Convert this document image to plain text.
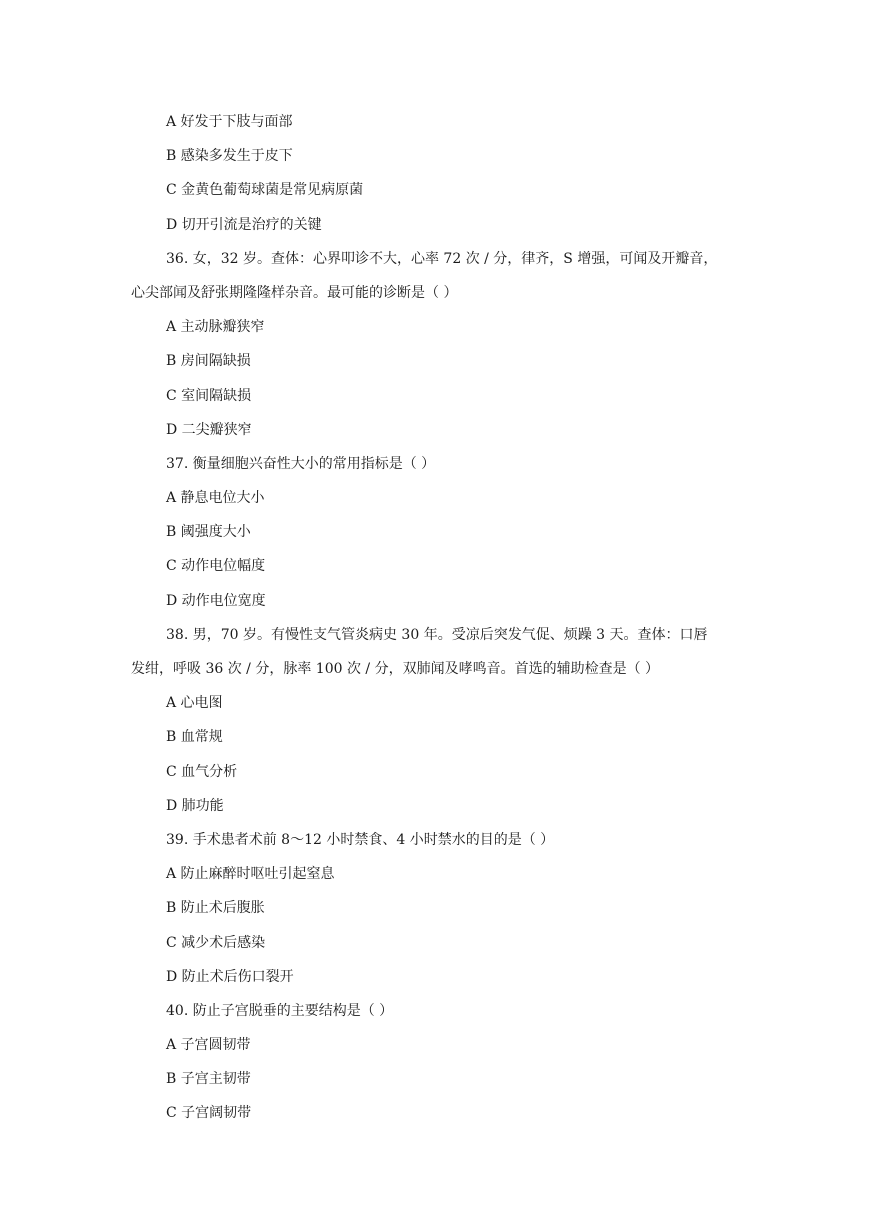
A 好发于下肢与面部
B 感染多发生于皮下
C 金黄色葡萄球菌是常见病原菌
D 切开引流是治疗的关键
36. 女，32 岁。查体：心界叩诊不大，心率 72 次 / 分，律齐，S 增强，可闻及开瓣音，
心尖部闻及舒张期隆隆样杂音。最可能的诊断是（ ）
A 主动脉瓣狭窄
B 房间隔缺损
C 室间隔缺损
D 二尖瓣狭窄
37. 衡量细胞兴奋性大小的常用指标是（ ）
A 静息电位大小
B 阈强度大小
C 动作电位幅度
D 动作电位宽度
38. 男，70 岁。有慢性支气管炎病史 30 年。受凉后突发气促、烦躁 3 天。查体：口唇
发绀，呼吸 36 次 / 分，脉率 100 次 / 分，双肺闻及哮鸣音。首选的辅助检查是（ ）
A 心电图
B 血常规
C 血气分析
D 肺功能
39. 手术患者术前 8～12 小时禁食、4 小时禁水的目的是（ ）
A 防止麻醉时呕吐引起窒息
B 防止术后腹胀
C 减少术后感染
D 防止术后伤口裂开
40. 防止子宫脱垂的主要结构是（ ）
A 子宫圆韧带
B 子宫主韧带
C 子宫阔韧带
